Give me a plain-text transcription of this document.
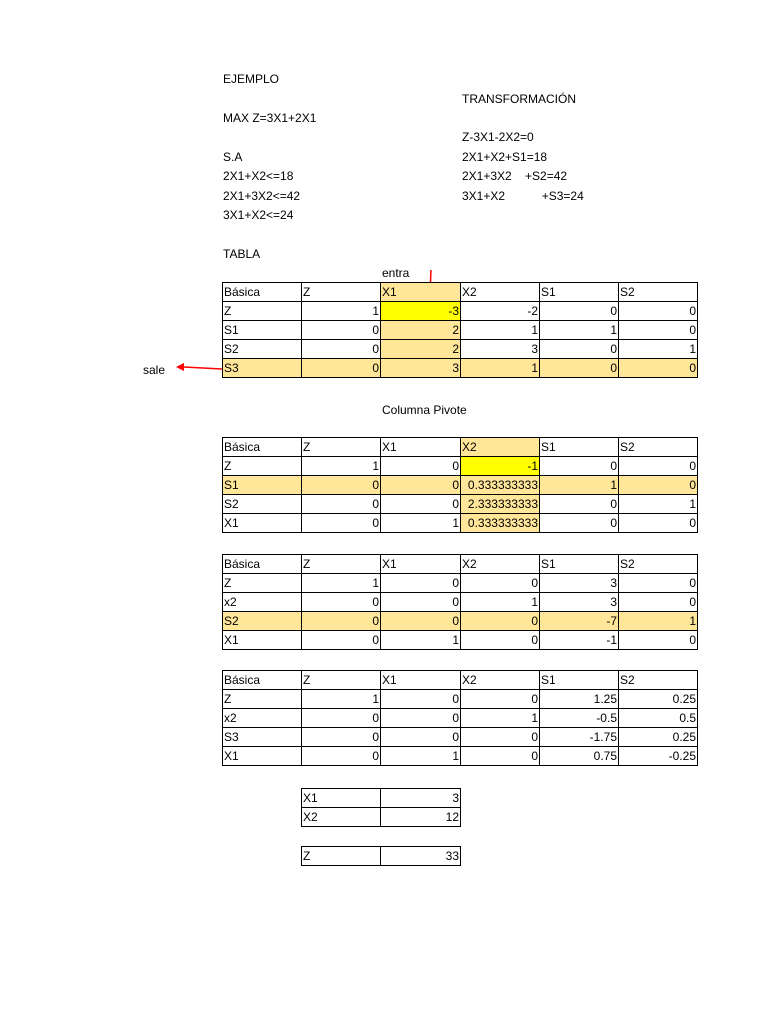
EJEMPLO
TRANSFORMACIÓN
MAX Z=3X1+2X1
Z-3X1-2X2=0
S.A	2X1+X2+S1=18
2X1+X2<=18	2X1+3X2    +S2=42
2X1+3X2<=42	3X1+X2           +S3=24
3X1+X2<=24
TABLA
entra
sale
Columna Pivote
Básica	Z	X1	X2	S1	S2
Z	1	-3	-2	0	0
S1	0	2	1	1	0
S2	0	2	3	0	1
S3	0	3	1	0	0
Básica	Z	X1	X2	S1	S2
Z	1	0	-1	0	0
S1	0	0	0.333333333	1	0
S2	0	0	2.333333333	0	1
X1	0	1	0.333333333	0	0
Básica	Z	X1	X2	S1	S2
Z	1	0	0	3	0
x2	0	0	1	3	0
S2	0	0	0	-7	1
X1	0	1	0	-1	0
Básica	Z	X1	X2	S1	S2
Z	1	0	0	1.25	0.25
x2	0	0	1	-0.5	0.5
S3	0	0	0	-1.75	0.25
X1	0	1	0	0.75	-0.25
X1	3
X2	12
Z	33
